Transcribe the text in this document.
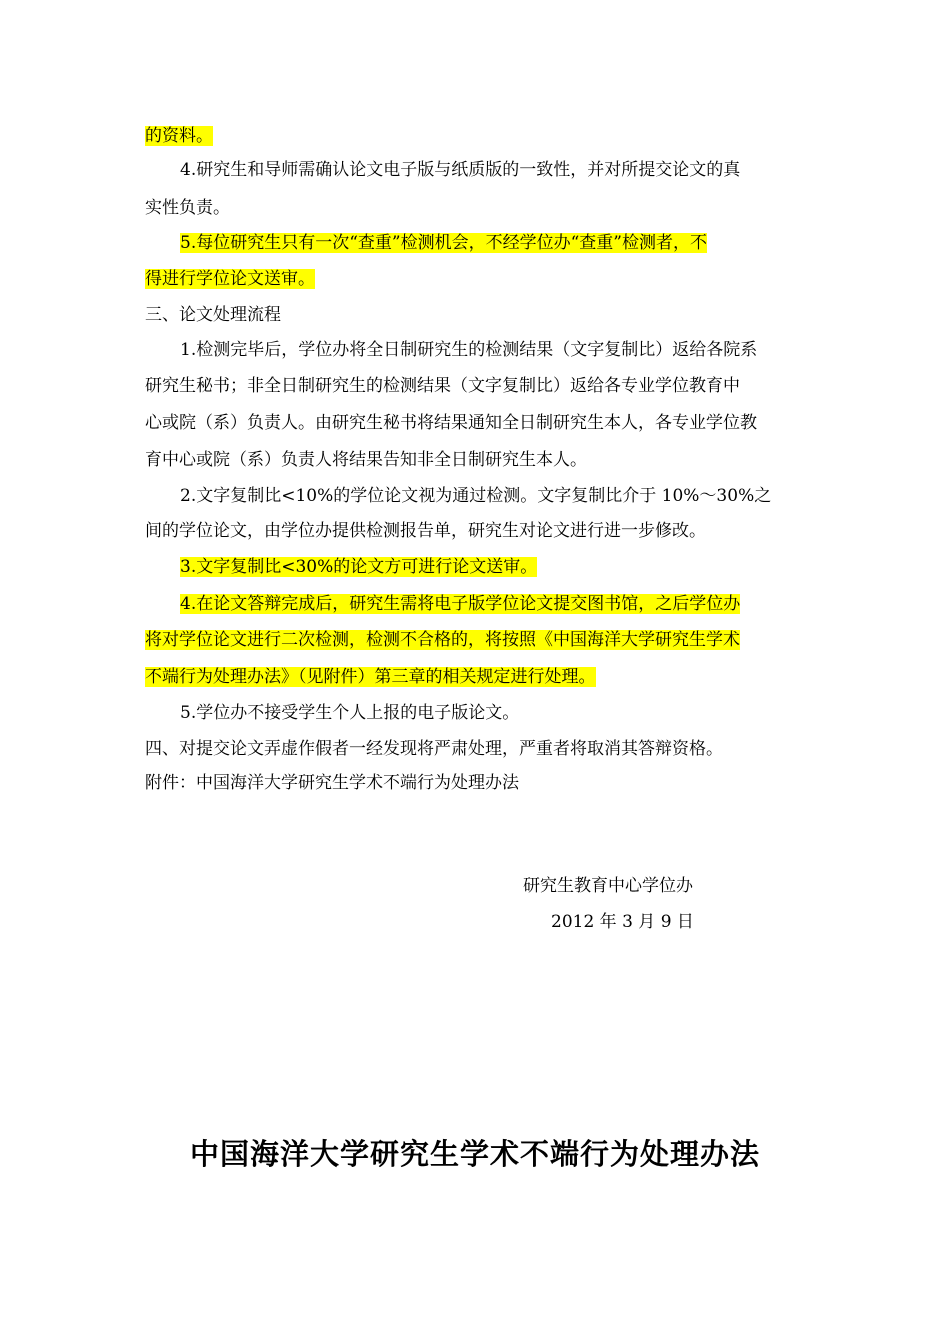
的资料。
4.研究生和导师需确认论文电子版与纸质版的一致性，并对所提交论文的真
实性负责。
5.每位研究生只有一次“查重”检测机会，不经学位办“查重”检测者，不
得进行学位论文送审。
三、论文处理流程
1.检测完毕后，学位办将全日制研究生的检测结果（文字复制比）返给各院系
研究生秘书；非全日制研究生的检测结果（文字复制比）返给各专业学位教育中
心或院（系）负责人。由研究生秘书将结果通知全日制研究生本人，各专业学位教
育中心或院（系）负责人将结果告知非全日制研究生本人。
2.文字复制比<10%的学位论文视为通过检测。文字复制比介于 10%～30%之
间的学位论文，由学位办提供检测报告单，研究生对论文进行进一步修改。
3.文字复制比<30%的论文方可进行论文送审。
4.在论文答辩完成后，研究生需将电子版学位论文提交图书馆，之后学位办
将对学位论文进行二次检测，检测不合格的，将按照《中国海洋大学研究生学术
不端行为处理办法》（见附件）第三章的相关规定进行处理。
5.学位办不接受学生个人上报的电子版论文。
四、对提交论文弄虚作假者一经发现将严肃处理，严重者将取消其答辩资格。
附件：中国海洋大学研究生学术不端行为处理办法
研究生教育中心学位办
2012 年 3 月 9 日
中国海洋大学研究生学术不端行为处理办法
